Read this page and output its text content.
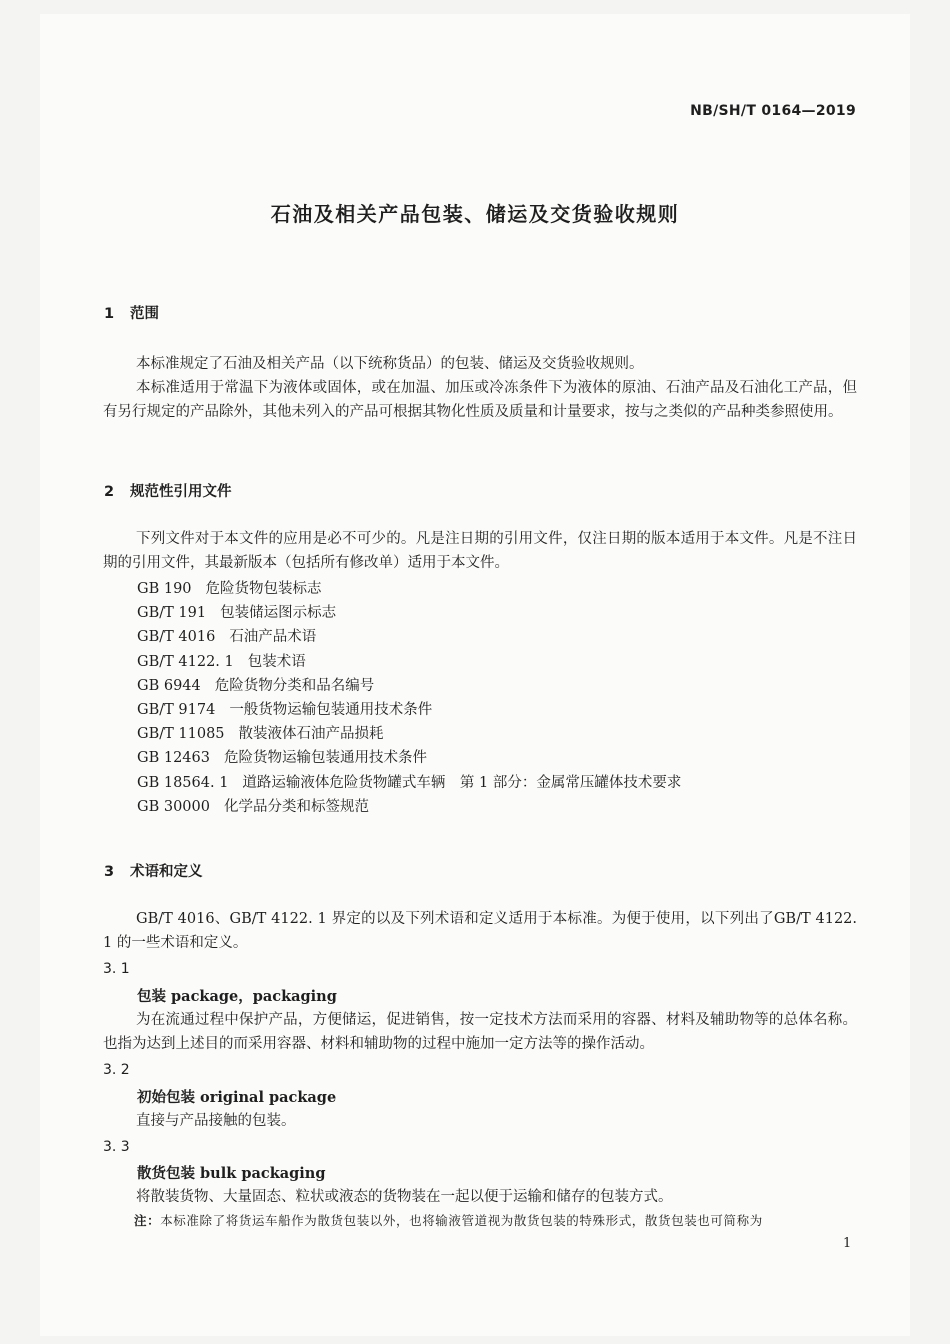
NB/SH/T 0164—2019
石油及相关产品包装、储运及交货验收规则
1 范围
本标准规定了石油及相关产品（以下统称货品）的包装、储运及交货验收规则。
本标准适用于常温下为液体或固体，或在加温、加压或冷冻条件下为液体的原油、石油产品及石油化工产品，但有另行规定的产品除外，其他未列入的产品可根据其物化性质及质量和计量要求，按与之类似的产品种类参照使用。
2 规范性引用文件
下列文件对于本文件的应用是必不可少的。凡是注日期的引用文件，仅注日期的版本适用于本文件。凡是不注日期的引用文件，其最新版本（包括所有修改单）适用于本文件。
GB 190 危险货物包装标志
GB/T 191 包装储运图示标志
GB/T 4016 石油产品术语
GB/T 4122. 1 包装术语
GB 6944 危险货物分类和品名编号
GB/T 9174 一般货物运输包装通用技术条件
GB/T 11085 散装液体石油产品损耗
GB 12463 危险货物运输包装通用技术条件
GB 18564. 1 道路运输液体危险货物罐式车辆　第 1 部分：金属常压罐体技术要求
GB 30000 化学品分类和标签规范
3 术语和定义
GB/T 4016、GB/T 4122. 1 界定的以及下列术语和定义适用于本标准。为便于使用，以下列出了GB/T 4122. 1 的一些术语和定义。
3. 1
包装 package，packaging
为在流通过程中保护产品，方便储运，促进销售，按一定技术方法而采用的容器、材料及辅助物等的总体名称。也指为达到上述目的而采用容器、材料和辅助物的过程中施加一定方法等的操作活动。
3. 2
初始包装 original package
直接与产品接触的包装。
3. 3
散货包装 bulk packaging
将散装货物、大量固态、粒状或液态的货物装在一起以便于运输和储存的包装方式。
注：本标准除了将货运车船作为散货包装以外，也将输液管道视为散货包装的特殊形式，散货包装也可简称为
1
